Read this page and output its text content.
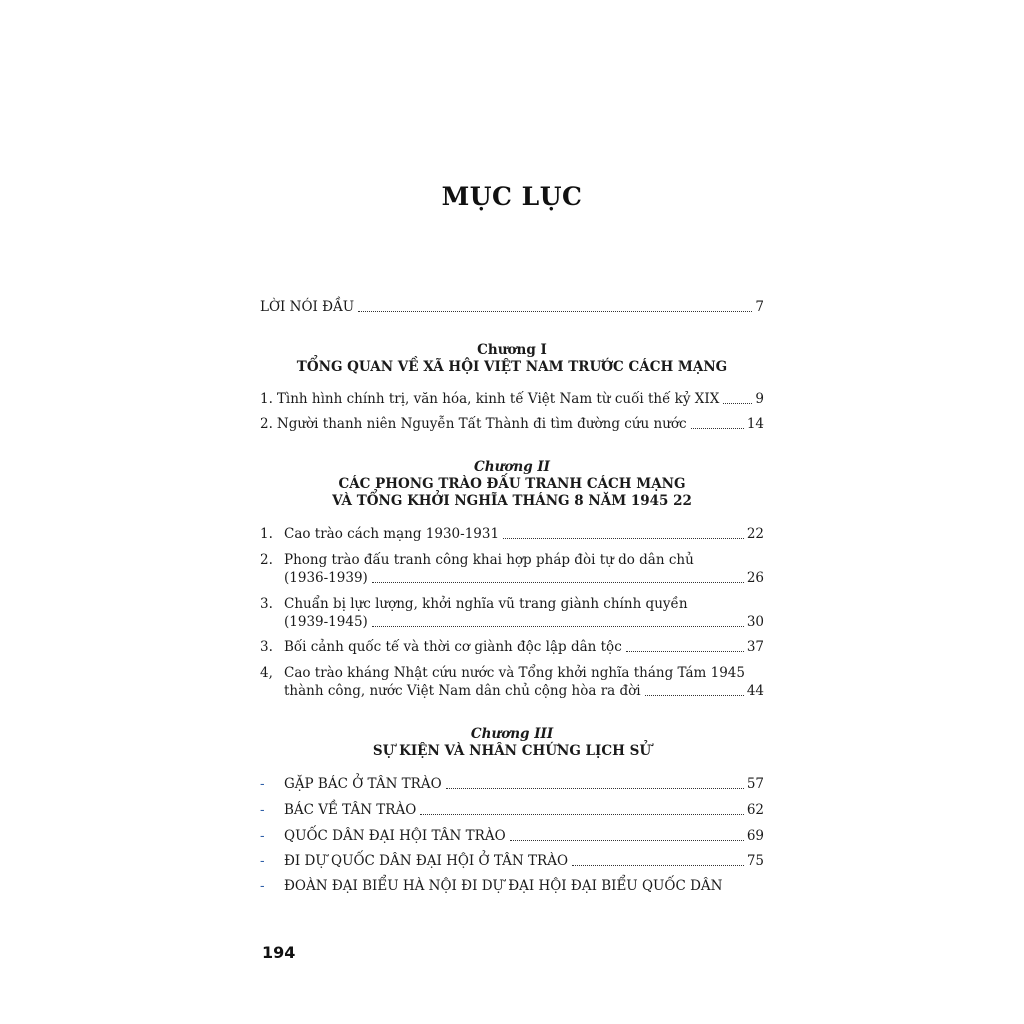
MỤC LỤC
LỜI NÓI ĐẦU	7
Chương I
TỔNG QUAN VỀ XÃ HỘI VIỆT NAM TRƯỚC CÁCH MẠNG
1. Tình hình chính trị, văn hóa, kinh tế Việt Nam từ cuối thế kỷ XIX	9
2. Người thanh niên Nguyễn Tất Thành đi tìm đường cứu nước	14
Chương II
CÁC PHONG TRÀO ĐẤU TRANH CÁCH MẠNG
VÀ TỔNG KHỞI NGHĨA THÁNG 8 NĂM 1945 22
1. Cao trào cách mạng 1930-1931	22
2. Phong trào đấu tranh công khai hợp pháp đòi tự do dân chủ
(1936-1939)	26
3. Chuẩn bị lực lượng, khởi nghĩa vũ trang giành chính quyền
(1939-1945)	30
3. Bối cảnh quốc tế và thời cơ giành độc lập dân tộc	37
4, Cao trào kháng Nhật cứu nước và Tổng khởi nghĩa tháng Tám 1945
thành công, nước Việt Nam dân chủ cộng hòa ra đời	44
Chương III
SỰ KIỆN VÀ NHÂN CHỨNG LỊCH SỬ
-	GẶP BÁC Ở TÂN TRÀO	57
-	BÁC VỀ TÂN TRÀO	62
-	QUỐC DÂN ĐẠI HỘI TÂN TRÀO	69
-	ĐI DỰ QUỐC DÂN ĐẠI HỘI Ở TÂN TRÀO	75
-	ĐOÀN ĐẠI BIỂU HÀ NỘI ĐI DỰ ĐẠI HỘI ĐẠI BIỂU QUỐC DÂN
194
